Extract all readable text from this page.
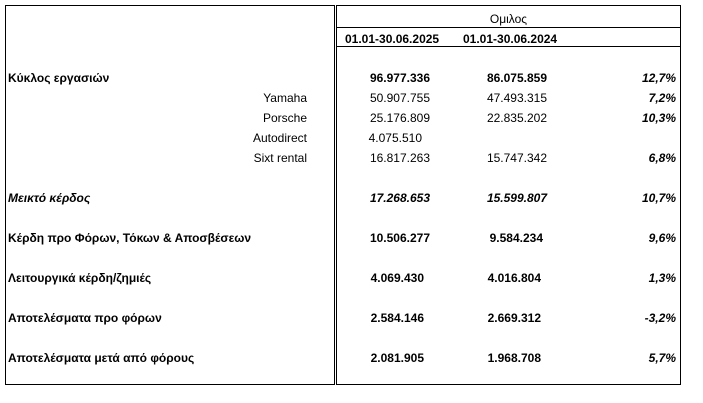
Ομιλος
01.01-30.06.2025 01.01-30.06.2024
Κύκλος εργασιών	96.977.336	86.075.859	12,7%
Yamaha	50.907.755	47.493.315	7,2%
Porsche	25.176.809	22.835.202	10,3%
Autodirect	4.075.510
Sixt rental	16.817.263	15.747.342	6,8%
Μεικτό κέρδος	17.268.653	15.599.807	10,7%
Κέρδη προ Φόρων, Τόκων & Αποσβέσεων	10.506.277	9.584.234	9,6%
Λειτουργικά κέρδη/ζημιές	4.069.430	4.016.804	1,3%
Αποτελέσματα προ φόρων	2.584.146	2.669.312	-3,2%
Αποτελέσματα μετά από φόρους	2.081.905	1.968.708	5,7%
